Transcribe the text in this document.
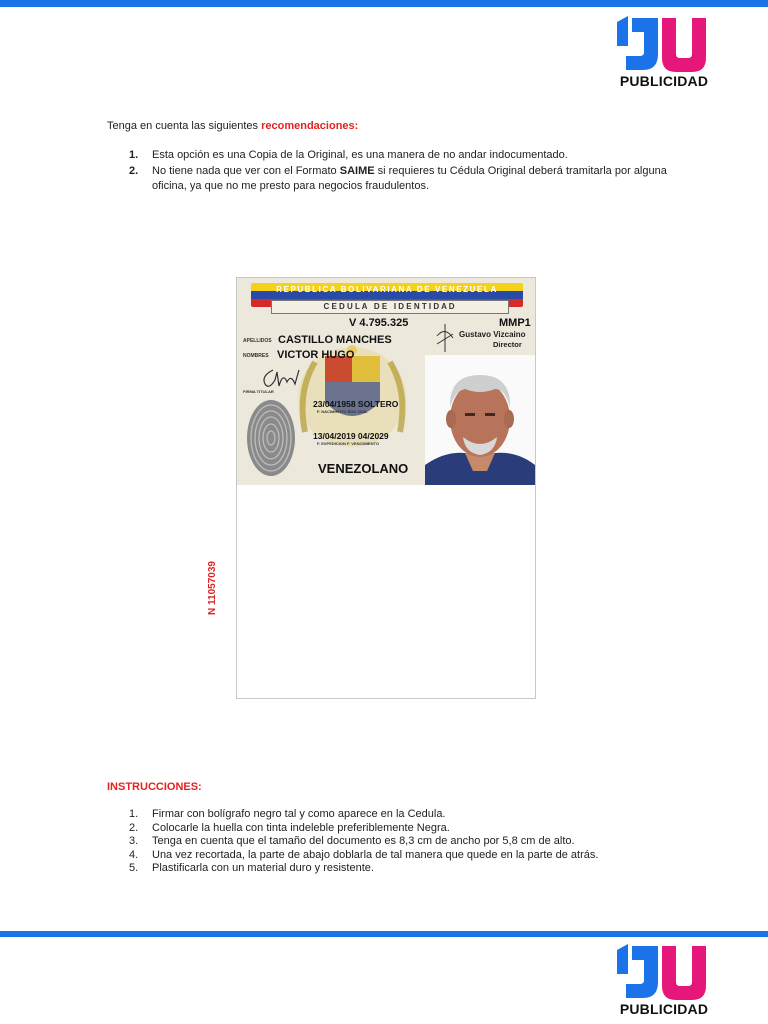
PUBLICIDAD
Tenga en cuenta las siguientes recomendaciones:
1. Esta opción es una Copia de la Original, es una manera de no andar indocumentado.
2. No tiene nada que ver con el Formato SAIME si requieres tu Cédula Original deberá tramitarla por alguna oficina, ya que no me presto para negocios fraudulentos.
REPUBLICA BOLIVARIANA DE VENEZUELA
C E D U L A   D E   I D E N T I D A D
V 4.795.325	MMP1
Gustavo Vizcaino
Director
APELLIDOS CASTILLO MANCHES
NOMBRES VICTOR HUGO
FIRMA TITULAR
23/04/1958 SOLTERO
F. NACIMIENTO EDO CIVIL
13/04/2019 04/2029
F. EXPEDICION F. VENCIMIENTO
VENEZOLANO
N 11057039
INSTRUCCIONES:
1. Firmar con bolígrafo negro tal y como aparece en la Cedula.
2. Colocarle la huella con tinta indeleble preferiblemente Negra.
3. Tenga en cuenta que el tamaño del documento es 8,3 cm de ancho por 5,8 cm de alto.
4. Una vez recortada, la parte de abajo doblarla de tal manera que quede en la parte de atrás.
5. Plastificarla con un material duro y resistente.
PUBLICIDAD
